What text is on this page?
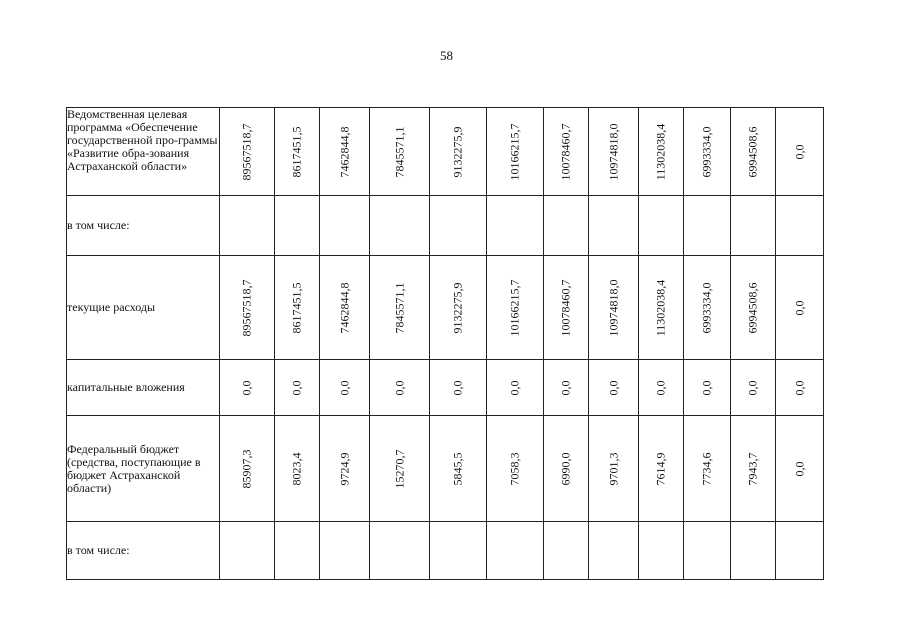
58
Ведомственная целевая программа «Обеспечение государственной про-граммы «Развитие обра-зования Астраханской области»	89567518,7	8617451,5	7462844,8	7845571,1	9132275,9	10166215,7	10078460,7	10974818,0	11302038,4	6993334,0	6994508,6	0,0

в том числе:	

текущие расходы	89567518,7	8617451,5	7462844,8	7845571,1	9132275,9	10166215,7	10078460,7	10974818,0	11302038,4	6993334,0	6994508,6	0,0

капитальные вложения	0,0	0,0	0,0	0,0	0,0	0,0	0,0	0,0	0,0	0,0	0,0	0,0

Федеральный бюджет (средства, поступающие в бюджет Астраханской области)	85907,3	8023,4	9724,9	15270,7	5845,5	7058,3	6990,0	9701,3	7614,9	7734,6	7943,7	0,0

в том числе:	
